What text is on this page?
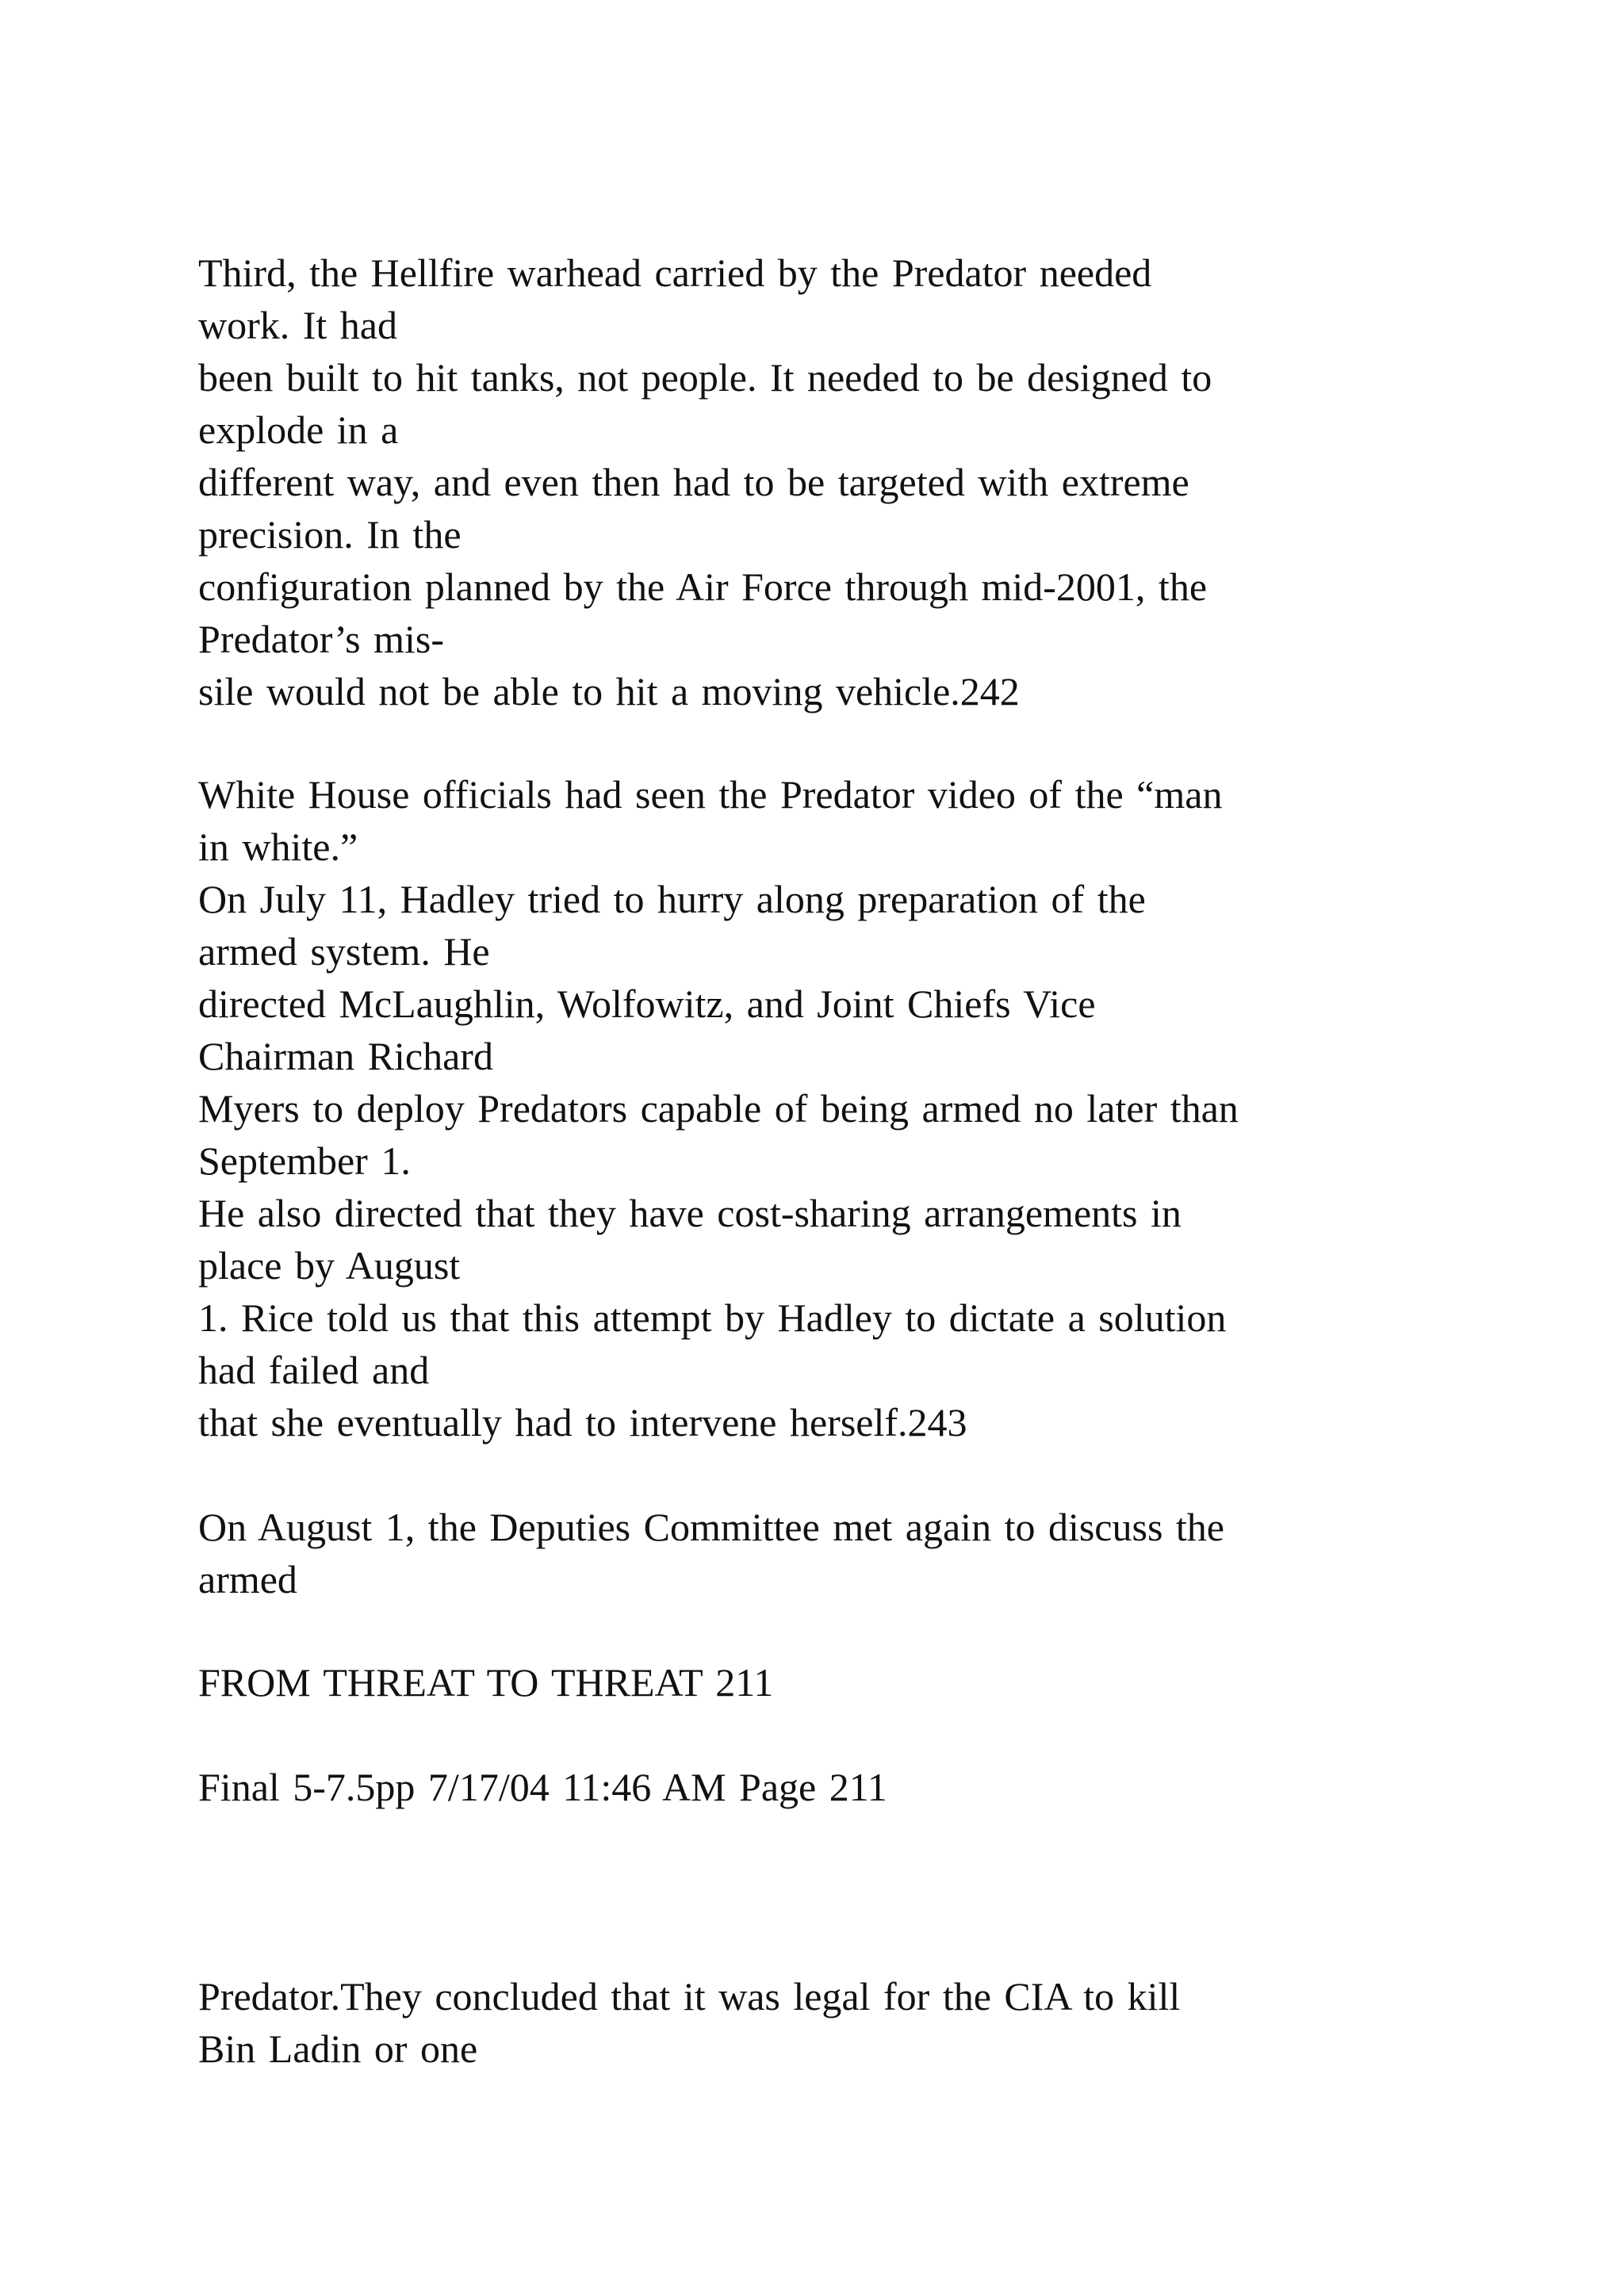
Third, the Hellfire warhead carried by the Predator needed

work. It had

been built to hit tanks, not people. It needed to be designed to

explode in a

different way, and even then had to be targeted with extreme

precision. In the

configuration planned by the Air Force through mid-2001, the

Predator’s mis-

sile would not be able to hit a moving vehicle.242

White House officials had seen the Predator video of the “man

in white.”

On July 11, Hadley tried to hurry along preparation of the

armed system. He

directed McLaughlin, Wolfowitz, and Joint Chiefs Vice

Chairman Richard

Myers to deploy Predators capable of being armed no later than

September 1.

He also directed that they have cost-sharing arrangements in

place by August

1. Rice told us that this attempt by Hadley to dictate a solution

had failed and

that she eventually had to intervene herself.243

On August 1, the Deputies Committee met again to discuss the

armed

FROM THREAT TO THREAT 211

Final 5-7.5pp 7/17/04 11:46 AM Page 211

Predator.They concluded that it was legal for the CIA to kill

Bin Ladin or one
